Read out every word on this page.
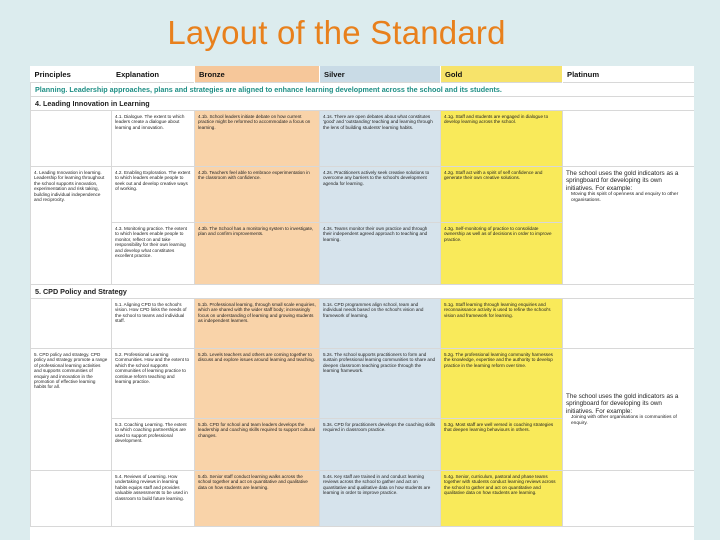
Layout of the Standard
Principles	Explanation	Bronze	Silver	Gold	Platinum
Planning. Leadership approaches, plans and strategies are aligned to enhance learning development across the school and its students.					
4. Leading Innovation in Learning					
	4.1. Dialogue. The extent to which leaders create a dialogue about learning and innovation.	4.1b. School leaders initiate debate on how current practice might be reformed to accommodate a focus on learning.	4.1s. There are open debates about what constitutes 'good' and 'outstanding' teaching and learning through the lens of building students' learning habits.	4.1g. Staff and students are engaged in dialogue to develop learning across the school.	
4. Leading Innovation in learning. Leadership for learning throughout the school supports innovation, experimentation and risk taking, building individual independence and reciprocity.	4.2. Enabling Exploration. The extent to which leaders enable people to seek out and develop creative ways of working.	4.2b. Teachers feel able to embrace experimentation in the classroom with confidence.	4.2s. Practitioners actively seek creative solutions to overcome any barriers to the school's development agenda for learning.	4.2g. Staff act with a spirit of self confidence and generate their own creative solutions.	The school uses the gold indicators as a springboard for developing its own initiatives. For example:
Moving this spirit of openness and enquiry to other organisations.

	4.3. Monitoring practice. The extent to which leaders enable people to monitor, reflect on and take responsibility for their own learning and develop what constitutes excellent practice.	4.3b. The School has a monitoring system to investigate, plan and confirm improvements.	4.3s. Teams monitor their own practice and through their independent agreed approach to teaching and learning.	4.3g. Self-monitoring of practice to consolidate ownership as well as of decisions in order to improve practice.	
5. CPD Policy and Strategy					
	5.1. Aligning CPD to the school's vision. How CPD links the needs of the school to teams and individual staff.	5.1b. Professional learning, through small scale enquiries, which are shared with the wider staff body; increasingly focus on understanding of learning and growing students as independent learners.	5.1s. CPD programmes align school, team and individual needs based on the school's vision and framework of learning.	5.1g. Staff learning through learning enquiries and reconnaissance activity is used to refine the school's vision and framework for learning.	
5. CPD policy and strategy. CPD policy and strategy promote a range of professional learning activities and supports communities of enquiry and innovation in the promotion of effective learning habits for all.	5.2. Professional Learning Communities. How and the extent to which the school supports communities of learning practice to continue reform teaching and learning practice.	5.2b. Levels teachers and others are coming together to discuss and explore issues around learning and teaching.	5.2s. The school supports practitioners to form and sustain professional learning communities to share and deepen classroom teaching practice through the learning framework.	5.2g. The professional learning community harnesses the knowledge, expertise and the authority to develop practice in the learning reform over time.	The school uses the gold indicators as a springboard for developing its own initiatives. For example:
Joining with other organisations in communities of enquiry.

	5.3. Coaching Learning. The extent to which coaching partnerships are used to support professional development.	5.3b. CPD for school and team leaders develops the leadership and coaching skills required to support cultural changes.	5.3s. CPD for practitioners develops the coaching skills required in classroom practice.	5.3g. Most staff are well versed in coaching strategies that deepen learning behaviours in others.	
	5.4. Reviews of Learning. How undertaking reviews in learning habits equips staff and provides valuable assessments to be used in classroom to build future learning.	5.4b. Senior staff conduct learning walks across the school together and act on quantitative and qualitative data on how students are learning.	5.4s. Key staff are trained in and conduct learning reviews across the school to gather and act on quantitative and qualitative data on how students are learning in order to improve practice.	5.4g. Senior, curriculum, pastoral and phase teams together with students conduct learning reviews across the school to gather and act on quantitative and qualitative data on how students are learning.	
